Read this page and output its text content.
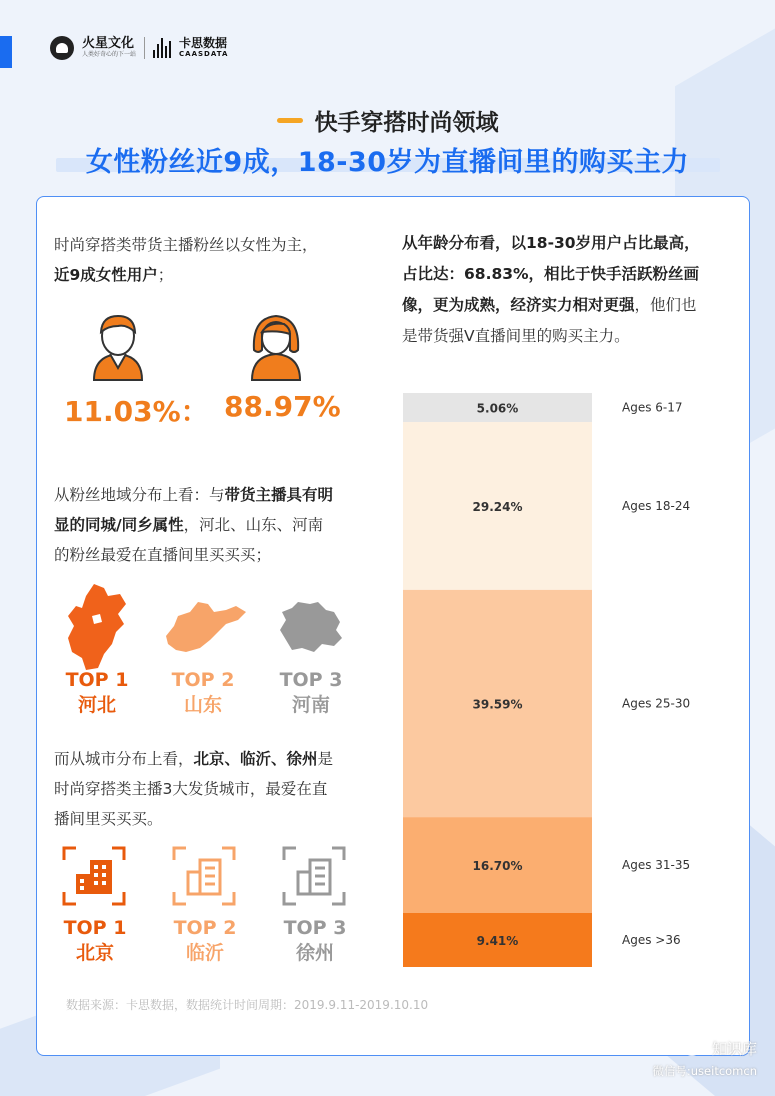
火星文化
人类好奇心的下一站
卡思数据
CAASDATA
快手穿搭时尚领域
女性粉丝近9成，18-30岁为直播间里的购买主力
时尚穿搭类带货主播粉丝以女性为主，
近9成女性用户；
11.03%： 88.97%
从粉丝地域分布上看：与带货主播具有明
显的同城/同乡属性，河北、山东、河南
的粉丝最爱在直播间里买买买；
TOP 1
河北
TOP 2
山东
TOP 3
河南
而从城市分布上看，北京、临沂、徐州是
时尚穿搭类主播3大发货城市，最爱在直
播间里买买买。
TOP 1
北京
TOP 2
临沂
TOP 3
徐州
从年龄分布看，以18-30岁用户占比最高，占比达：68.83%，相比于快手活跃粉丝画像，更为成熟，经济实力相对更强，他们也是带货强V直播间里的购买主力。
5.06%	Ages 6-17
29.24%	Ages 18-24
39.59%	Ages 25-30
16.70%	Ages 31-35
9.41%	Ages >36
数据来源：卡思数据，数据统计时间周期：2019.9.11-2019.10.10
知识库
微信号:useitcomcn
